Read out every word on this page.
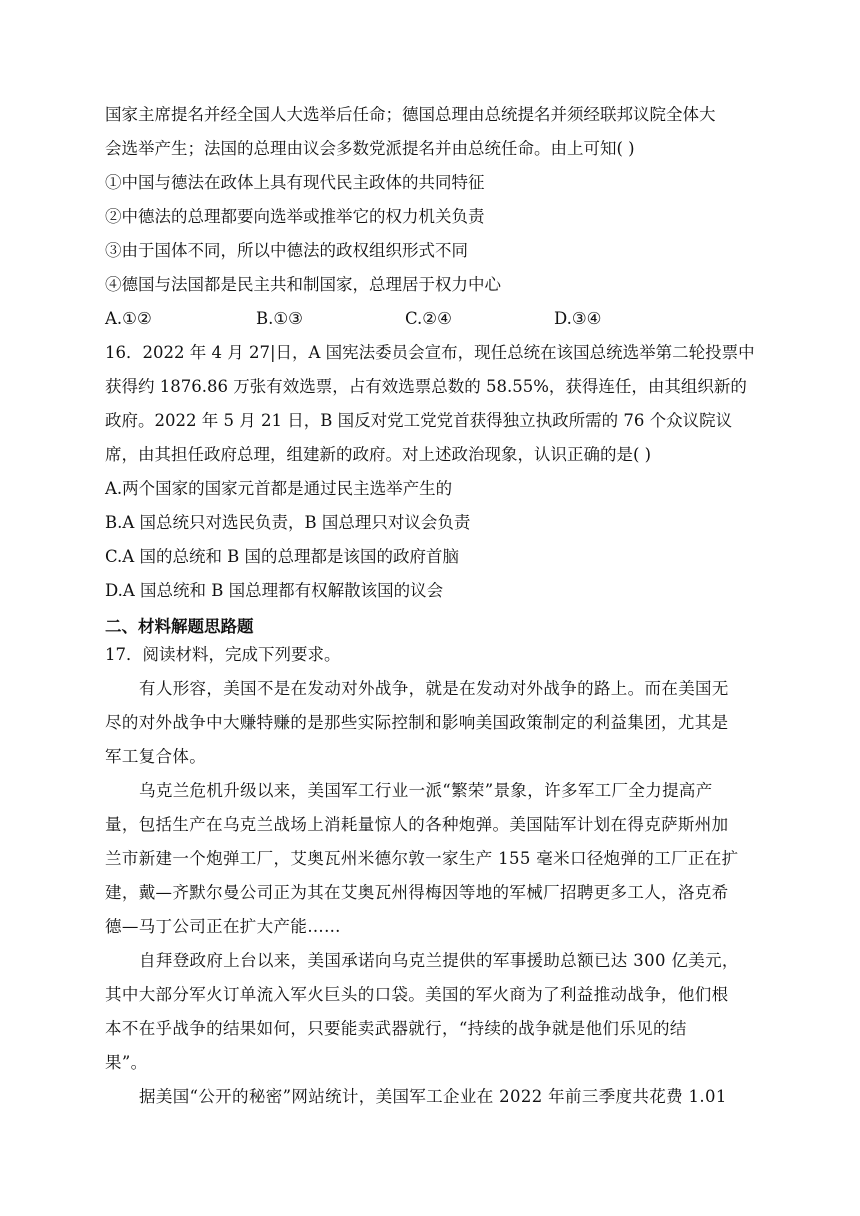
国家主席提名并经全国人大选举后任命；德国总理由总统提名并须经联邦议院全体大

会选举产生；法国的总理由议会多数党派提名并由总统任命。由上可知( )

①中国与德法在政体上具有现代民主政体的共同特征

②中德法的总理都要向选举或推举它的权力机关负责

③由于国体不同，所以中德法的政权组织形式不同

④德国与法国都是民主共和制国家，总理居于权力中心

A.①②	B.①③	C.②④	D.③④

16．2022 年 4 月 27|日，A 国宪法委员会宣布，现任总统在该国总统选举第二轮投票中

获得约 1876.86 万张有效选票，占有效选票总数的 58.55%，获得连任，由其组织新的

政府。2022 年 5 月 21 日，B 国反对党工党党首获得独立执政所需的 76 个众议院议

席，由其担任政府总理，组建新的政府。对上述政治现象，认识正确的是( )

A.两个国家的国家元首都是通过民主选举产生的

B.A 国总统只对选民负责，B 国总理只对议会负责

C.A 国的总统和 B 国的总理都是该国的政府首脑

D.A 国总统和 B 国总理都有权解散该国的议会

二、材料解题思路题

17．阅读材料，完成下列要求。

有人形容，美国不是在发动对外战争，就是在发动对外战争的路上。而在美国无

尽的对外战争中大赚特赚的是那些实际控制和影响美国政策制定的利益集团，尤其是

军工复合体。

乌克兰危机升级以来，美国军工行业一派“繁荣”景象，许多军工厂全力提高产

量，包括生产在乌克兰战场上消耗量惊人的各种炮弹。美国陆军计划在得克萨斯州加

兰市新建一个炮弹工厂，艾奥瓦州米德尔敦一家生产 155 毫米口径炮弹的工厂正在扩

建，戴—齐默尔曼公司正为其在艾奥瓦州得梅因等地的军械厂招聘更多工人，洛克希

德—马丁公司正在扩大产能……

自拜登政府上台以来，美国承诺向乌克兰提供的军事援助总额已达 300 亿美元，

其中大部分军火订单流入军火巨头的口袋。美国的军火商为了利益推动战争，他们根

本不在乎战争的结果如何，只要能卖武器就行，“持续的战争就是他们乐见的结

果”。

据美国“公开的秘密”网站统计，美国军工企业在 2022 年前三季度共花费 1.01
